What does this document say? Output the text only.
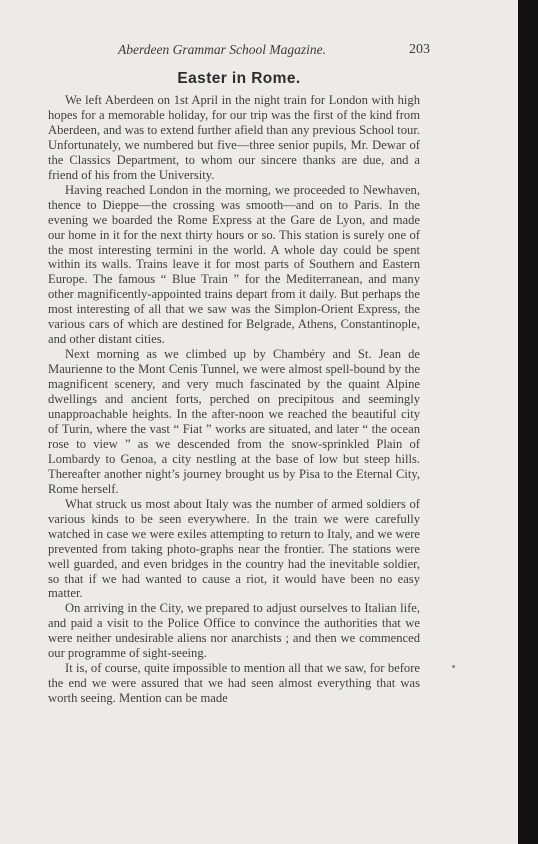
Aberdeen Grammar School Magazine.	203
Easter in Rome.

We left Aberdeen on 1st April in the night train for London with high hopes for a memorable holiday, for our trip was the first of the kind from Aberdeen, and was to extend further afield than any previous School tour. Unfortunately, we numbered but five—three senior pupils, Mr. Dewar of the Classics Department, to whom our sincere thanks are due, and a friend of his from the University.

Having reached London in the morning, we proceeded to Newhaven, thence to Dieppe—the crossing was smooth—and on to Paris. In the evening we boarded the Rome Express at the Gare de Lyon, and made our home in it for the next thirty hours or so. This station is surely one of the most interesting termini in the world. A whole day could be spent within its walls. Trains leave it for most parts of Southern and Eastern Europe. The famous “ Blue Train ” for the Mediterranean, and many other magnificently-appointed trains depart from it daily. But perhaps the most interesting of all that we saw was the Simplon-Orient Express, the various cars of which are destined for Belgrade, Athens, Constantinople, and other distant cities.

Next morning as we climbed up by Chambéry and St. Jean de Maurienne to the Mont Cenis Tunnel, we were almost spell-bound by the magnificent scenery, and very much fascinated by the quaint Alpine dwellings and ancient forts, perched on precipitous and seemingly unapproachable heights. In the after-noon we reached the beautiful city of Turin, where the vast “ Fiat ” works are situated, and later “ the ocean rose to view ” as we descended from the snow-sprinkled Plain of Lombardy to Genoa, a city nestling at the base of low but steep hills. Thereafter another night’s journey brought us by Pisa to the Eternal City, Rome herself.

What struck us most about Italy was the number of armed soldiers of various kinds to be seen everywhere. In the train we were carefully watched in case we were exiles attempting to return to Italy, and we were prevented from taking photo-graphs near the frontier. The stations were well guarded, and even bridges in the country had the inevitable soldier, so that if we had wanted to cause a riot, it would have been no easy matter.

On arriving in the City, we prepared to adjust ourselves to Italian life, and paid a visit to the Police Office to convince the authorities that we were neither undesirable aliens nor anarchists ; and then we commenced our programme of sight-seeing.

It is, of course, quite impossible to mention all that we saw, for before the end we were assured that we had seen almost everything that was worth seeing. Mention can be made
